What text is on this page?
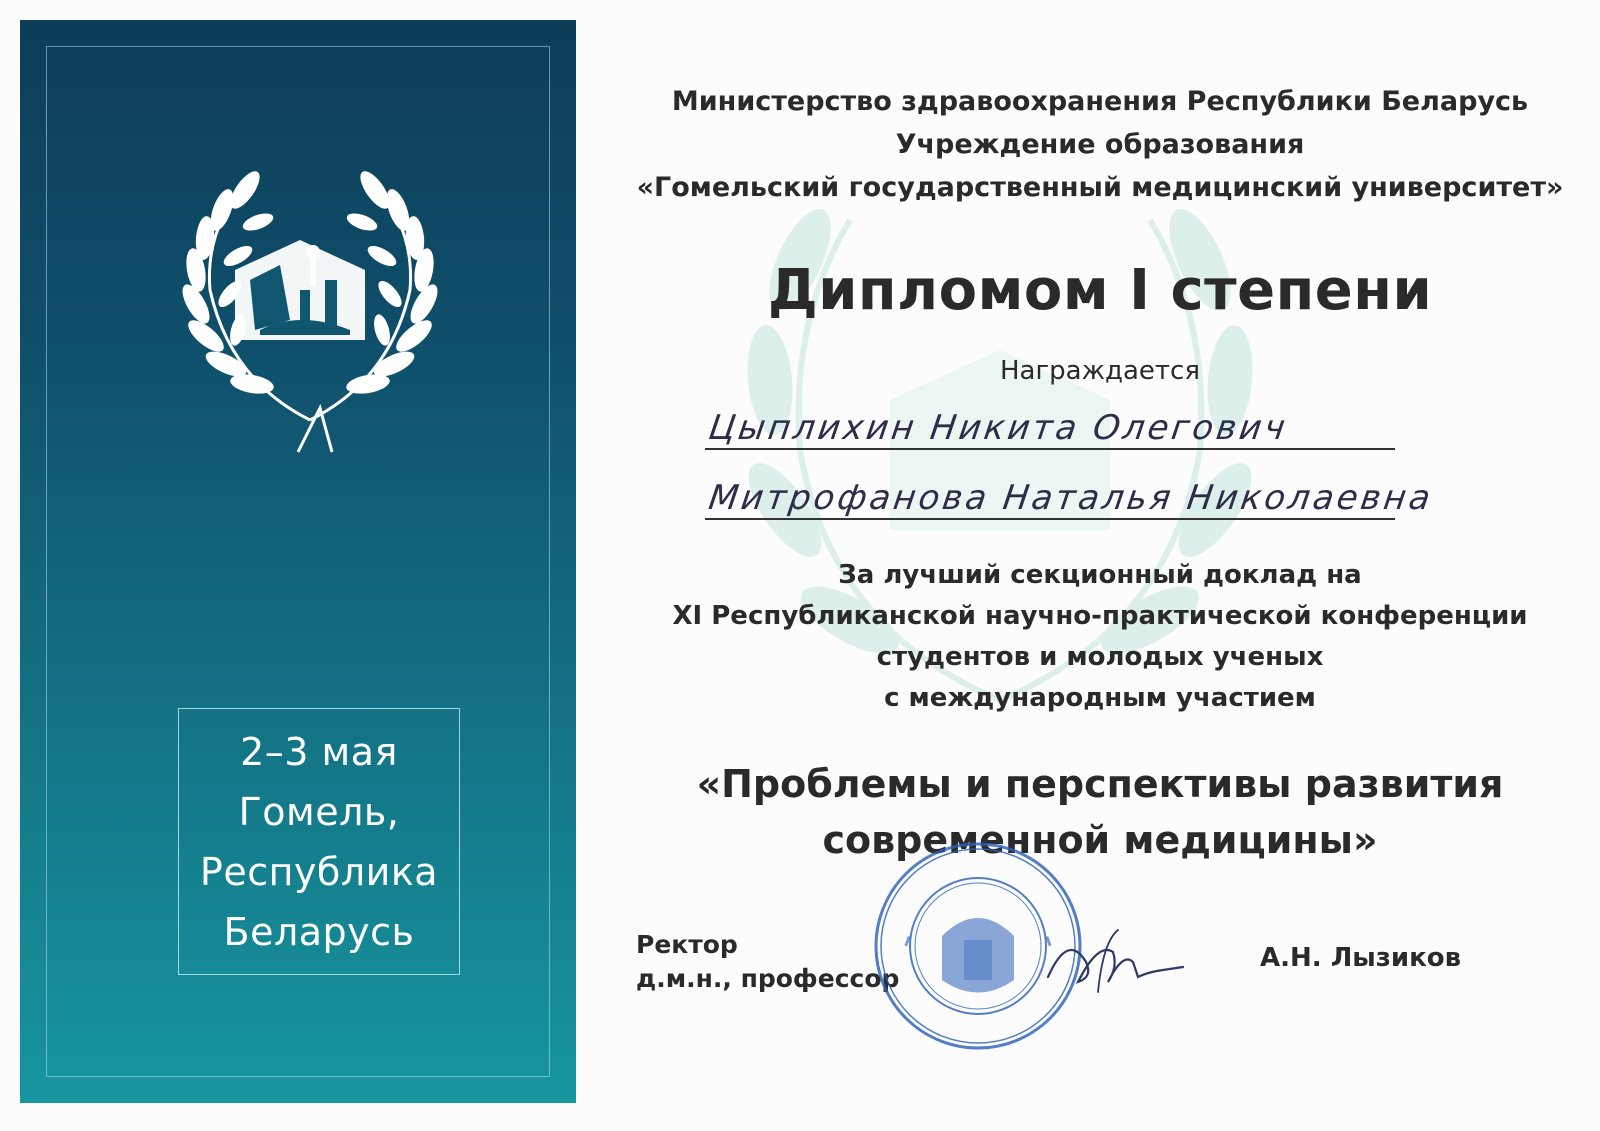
2–3 мая
Гомель,
Республика
Беларусь
Министерство здравоохранения Республики Беларусь
Учреждение образования
«Гомельский государственный медицинский университет»
Дипломом I степени
Награждается
Цыплихин Никита Олегович
Митрофанова Наталья Николаевна
За лучший секционный доклад на
XI Республиканской научно-практической конференции
студентов и молодых ученых
с международным участием
«Проблемы и перспективы развития
современной медицины»
Ректор
д.м.н., профессор
А.Н. Лызиков
